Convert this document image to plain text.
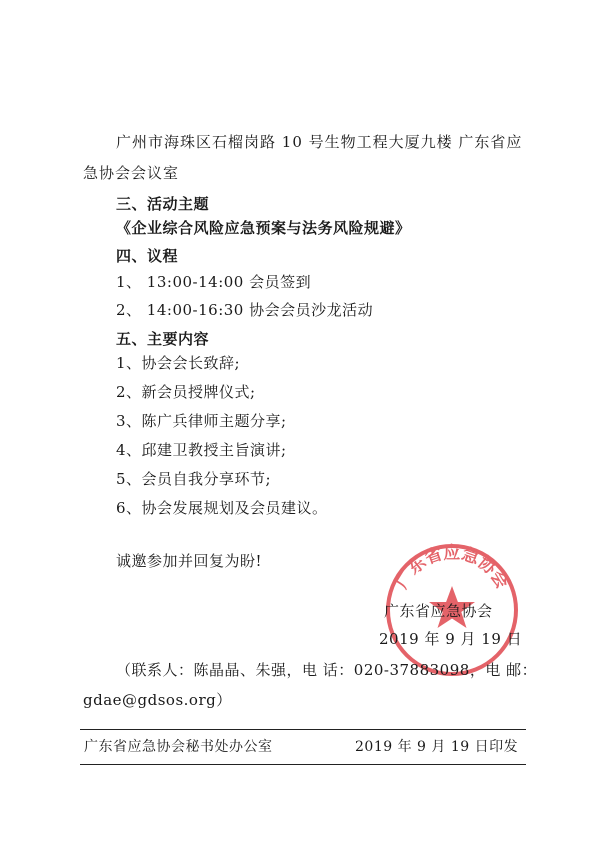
广州市海珠区石榴岗路 10 号生物工程大厦九楼 广东省应
急协会会议室
三、活动主题
《企业综合风险应急预案与法务风险规避》
四、议程
1、 13:00-14:00 会员签到
2、 14:00-16:30 协会会员沙龙活动
五、主要内容
1、协会会长致辞;
2、新会员授牌仪式;
3、陈广兵律师主题分享;
4、邱建卫教授主旨演讲;
5、会员自我分享环节;
6、协会发展规划及会员建议。
诚邀参加并回复为盼!
广东省应急协会
广东省应急协会
2019 年 9 月 19 日
（联系人：陈晶晶、朱强，电 话：020-37883098，电 邮：
gdae@gdsos.org）
广东省应急协会秘书处办公室	2019 年 9 月 19 日印发
